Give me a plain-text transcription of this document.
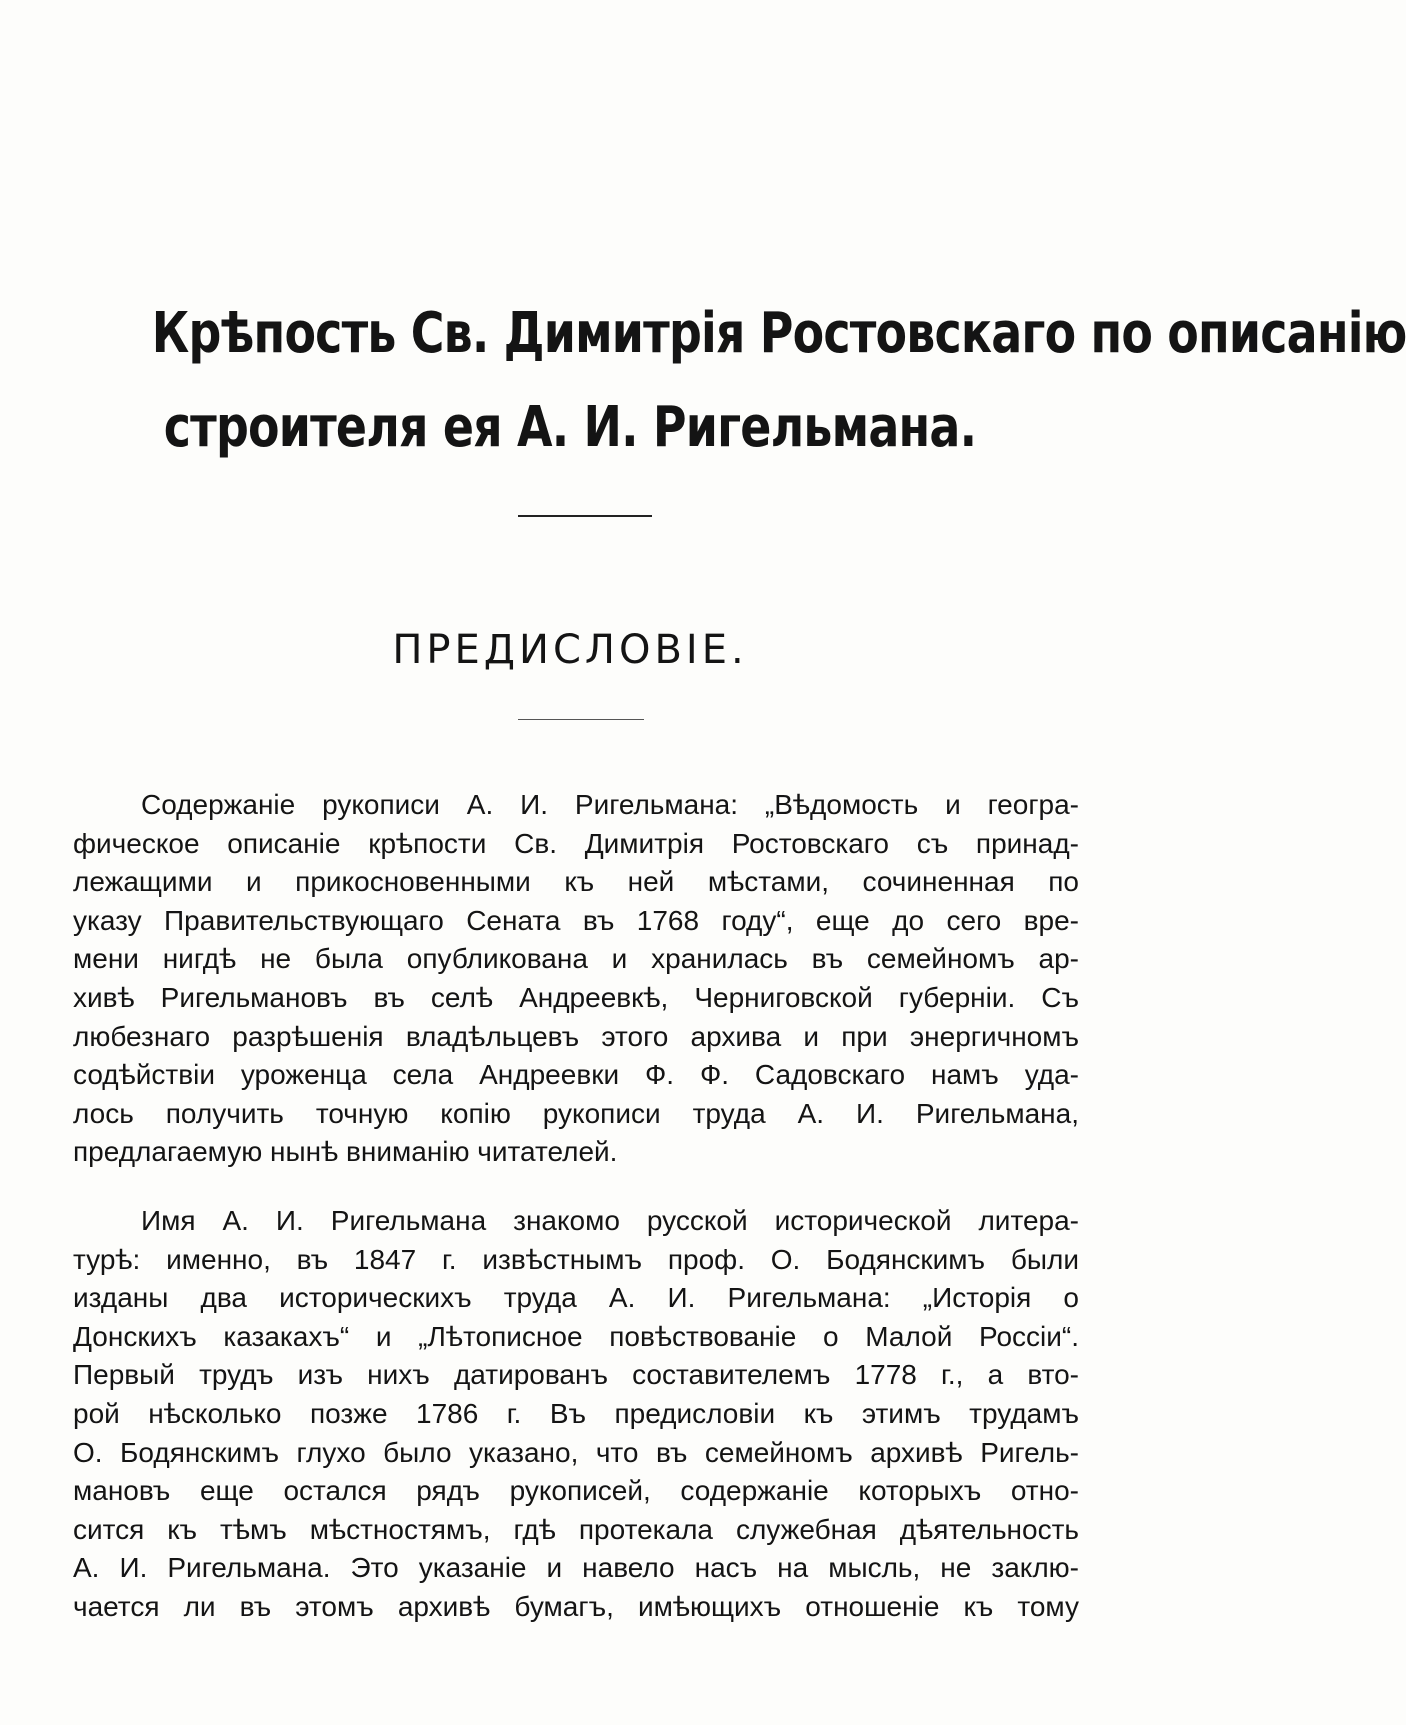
Крѣпость Св. Димитрія Ростовскаго по описанію
строителя ея А. И. Ригельмана.
ПРЕДИСЛОВІЕ.
Содержаніе рукописи А. И. Ригельмана: „Вѣдомость и геогра-
фическое описаніе крѣпости Св. Димитрія Ростовскаго съ принад-
лежащими и прикосновенными къ ней мѣстами, сочиненная по
указу Правительствующаго Сената въ 1768 году“, еще до сего вре-
мени нигдѣ не была опубликована и хранилась въ семейномъ ар-
хивѣ Ригельмановъ въ селѣ Андреевкѣ, Черниговской губерніи. Съ
любезнаго разрѣшенія владѣльцевъ этого архива и при энергичномъ
содѣйствіи уроженца села Андреевки Ф. Ф. Садовскаго намъ уда-
лось получить точную копію рукописи труда А. И. Ригельмана,
предлагаемую нынѣ вниманію читателей.
Имя А. И. Ригельмана знакомо русской исторической литера-
турѣ: именно, въ 1847 г. извѣстнымъ проф. О. Бодянскимъ были
изданы два историческихъ труда А. И. Ригельмана: „Исторія о
Донскихъ казакахъ“ и „Лѣтописное повѣствованіе о Малой Россіи“.
Первый трудъ изъ нихъ датированъ составителемъ 1778 г., а вто-
рой нѣсколько позже 1786 г. Въ предисловіи къ этимъ трудамъ
О. Бодянскимъ глухо было указано, что въ семейномъ архивѣ Ригель-
мановъ еще остался рядъ рукописей, содержаніе которыхъ отно-
сится къ тѣмъ мѣстностямъ, гдѣ протекала служебная дѣятельность
А. И. Ригельмана. Это указаніе и навело насъ на мысль, не заклю-
чается ли въ этомъ архивѣ бумагъ, имѣющихъ отношеніе къ тому
